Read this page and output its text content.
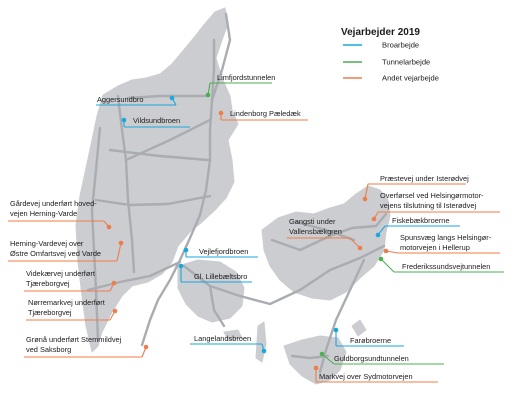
Vejarbejder 2019
Broarbejde
Tunnelarbejde
Andet vejarbejde
Aggersundbro
Limfjordstunnelen
Vildsundbroen
Lindenborg Pæledæk
Gårdevej underført hoved-
vejen Herning-Varde
Herning-Vardevej over
Østre Omfartsvej ved Varde
Videkærvej underført
Tjæreborgvej
Nørremarkvej underført
Tjæreborgvej
Grønå underført Stemmildvej
ved Saksborg
Vejlefjordbroen
Gl. Lillebæltsbro
Langelandsbroen
Præstevej under Isterødvej
Overførsel ved Helsingørmotor-
vejens tilslutning til Isterødvej
Gangsti under
Vallensbækgren
Fiskebækbroerne
Spunsvæg langs Helsingør-
motorvejen i Hellerup
Frederikssundsvejtunnelen
Farøbroerne
Guldborgsundtunnelen
Markvej over Sydmotorvejen
